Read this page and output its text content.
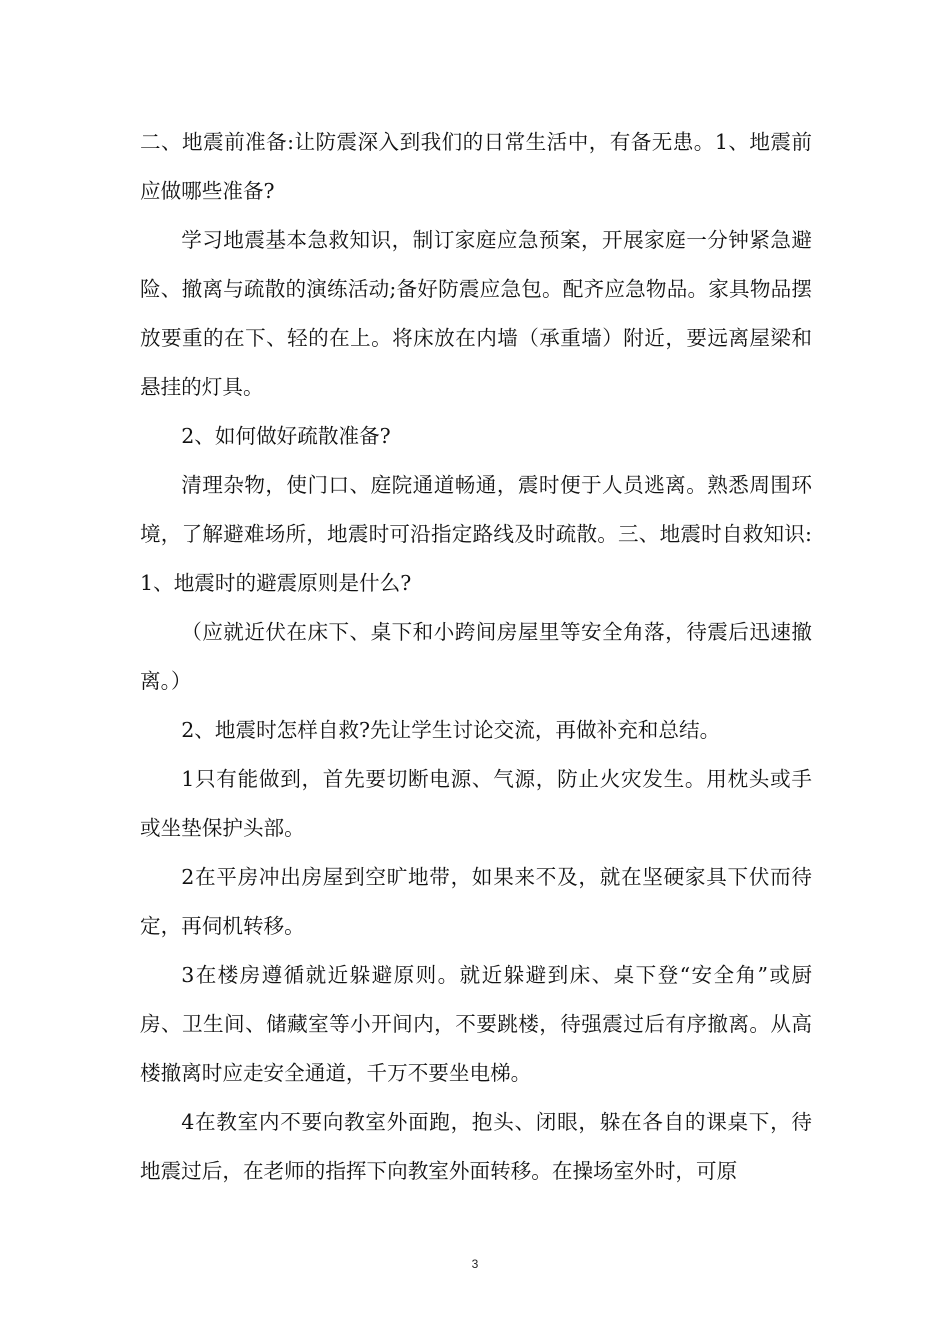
二、地震前准备:让防震深入到我们的日常生活中，有备无患。1、地震前应做哪些准备?

学习地震基本急救知识，制订家庭应急预案，开展家庭一分钟紧急避险、撤离与疏散的演练活动;备好防震应急包。配齐应急物品。家具物品摆放要重的在下、轻的在上。将床放在内墙（承重墙）附近，要远离屋梁和悬挂的灯具。

2、如何做好疏散准备?

清理杂物，使门口、庭院通道畅通，震时便于人员逃离。熟悉周围环境，了解避难场所，地震时可沿指定路线及时疏散。三、地震时自救知识:1、地震时的避震原则是什么?

（应就近伏在床下、桌下和小跨间房屋里等安全角落，待震后迅速撤离。）

2、地震时怎样自救?先让学生讨论交流，再做补充和总结。

1只有能做到，首先要切断电源、气源，防止火灾发生。用枕头或手或坐垫保护头部。

2在平房冲出房屋到空旷地带，如果来不及，就在坚硬家具下伏而待定，再伺机转移。

3在楼房遵循就近躲避原则。就近躲避到床、桌下登“安全角”或厨房、卫生间、储藏室等小开间内，不要跳楼，待强震过后有序撤离。从高楼撤离时应走安全通道，千万不要坐电梯。

4在教室内不要向教室外面跑，抱头、闭眼，躲在各自的课桌下，待地震过后，在老师的指挥下向教室外面转移。在操场室外时，可原

3
